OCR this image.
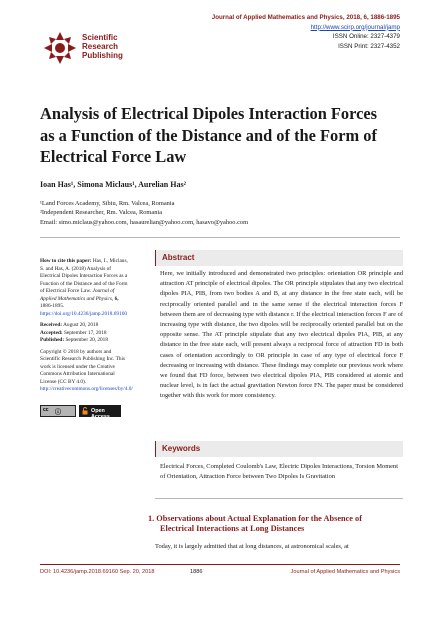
Scientific
Research
Publishing
Journal of Applied Mathematics and Physics, 2018, 6, 1886-1895
http://www.scirp.org/journal/jamp
ISSN Online: 2327-4379
ISSN Print: 2327-4352
Analysis of Electrical Dipoles Interaction Forces
as a Function of the Distance and of the Form of
Electrical Force Law
Ioan Has¹, Simona Miclaus¹, Aurelian Has²
¹Land Forces Academy, Sibiu, Rm. Valcea, Romania
²Independent Researcher, Rm. Valcea, Romania
Email: simo.miclaus@yahoo.com, hasaurelian@yahoo.com, hasavo@yahoo.com

How to cite this paper: Has, I., Miclaus, S. and Has, A. (2018) Analysis of Electrical Dipoles Interaction Forces as a Function of the Distance and of the Form of Electrical Force Law. Journal of Applied Mathematics and Physics, 6, 1886-1895. https://doi.org/10.4236/jamp.2018.69160

Received: August 20, 2018
Accepted: September 17, 2018
Published: September 20, 2018

Copyright © 2018 by authors and Scientific Research Publishing Inc. This work is licensed under the Creative Commons Attribution International License (CC BY 4.0).
http://creativecommons.org/licenses/by/4.0/

cc ⓘ	Open Access
Abstract
Here, we initially introduced and demonstrated two principles: orientation OR principle and attraction AT principle of electrical dipoles. The OR principle stipulates that any two electrical dipoles PIA, PIB, from two bodies A and B, at any distance in the free state each, will be reciprocally oriented parallel and in the same sense if the electrical interaction forces F between them are of decreasing type with distance r. If the electrical interaction forces F are of increasing type with distance, the two dipoles will be reciprocally oriented parallel but on the opposite sense. The AT principle stipulate that any two electrical dipoles PIA, PIB, at any distance in the free state each, will present always a reciprocal force of attraction FD in both cases of orientation accordingly to OR principle in case of any type of electrical force F decreasing or increasing with distance. These findings may complete our previous work where we found that FD force, between two electrical dipoles PIA, PIB considered at atomic and nuclear level, is in fact the actual gravitation Newton force FN. The paper must be considered together with this work for more consistency.
Keywords
Electrical Forces, Completed Coulomb's Law, Electric Dipoles Interactions, Torsion Moment of Orientation, Attraction Force between Two Dipoles Is Gravitation
1. Observations about Actual Explanation for the Absence of
Electrical Interactions at Long Distances
Today, it is largely admitted that at long distances, at astronomical scales, at
DOI: 10.4236/jamp.2018.69160 Sep. 20, 2018	1886	Journal of Applied Mathematics and Physics
